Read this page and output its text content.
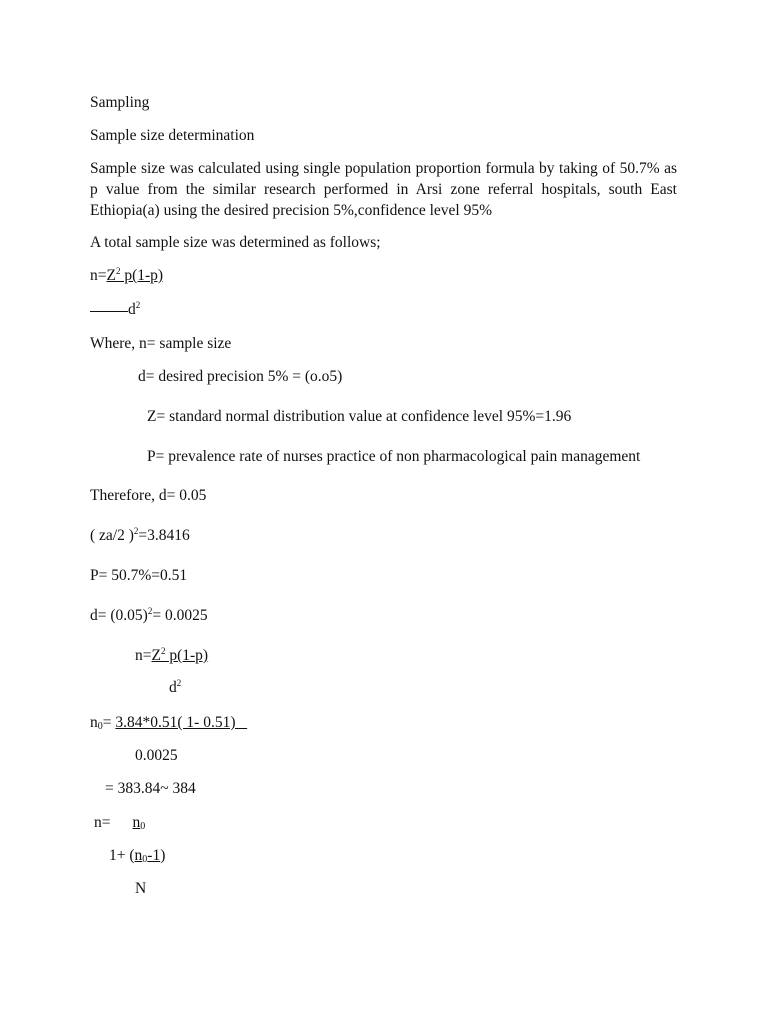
Sampling
Sample size determination
Sample size was calculated using single population proportion formula by taking of 50.7% as p value from the similar research performed in Arsi zone referral hospitals, south East Ethiopia(a) using the desired precision 5%,confidence level 95%
A total sample size was determined as follows;
$n=Z^2$ p(1-p)
$d^2$
Where, n= sample size
d= desired precision 5% = (o.o5)
Z= standard normal distribution value at confidence level 95%=1.96
P= prevalence rate of nurses practice of non pharmacological pain management
Therefore, d= 0.05
( za/2 )$^2$=3.8416
P= 50.7%=0.51
$d= (0.05)^2= 0.0025$
$n=Z^2$ p(1-p)
$d^2$
$n_0= 3.84*0.51$( 1- 0.51)
0.0025
= 383.84~ 384
$n= n_0$
$1+ (n_0-1)$
N
